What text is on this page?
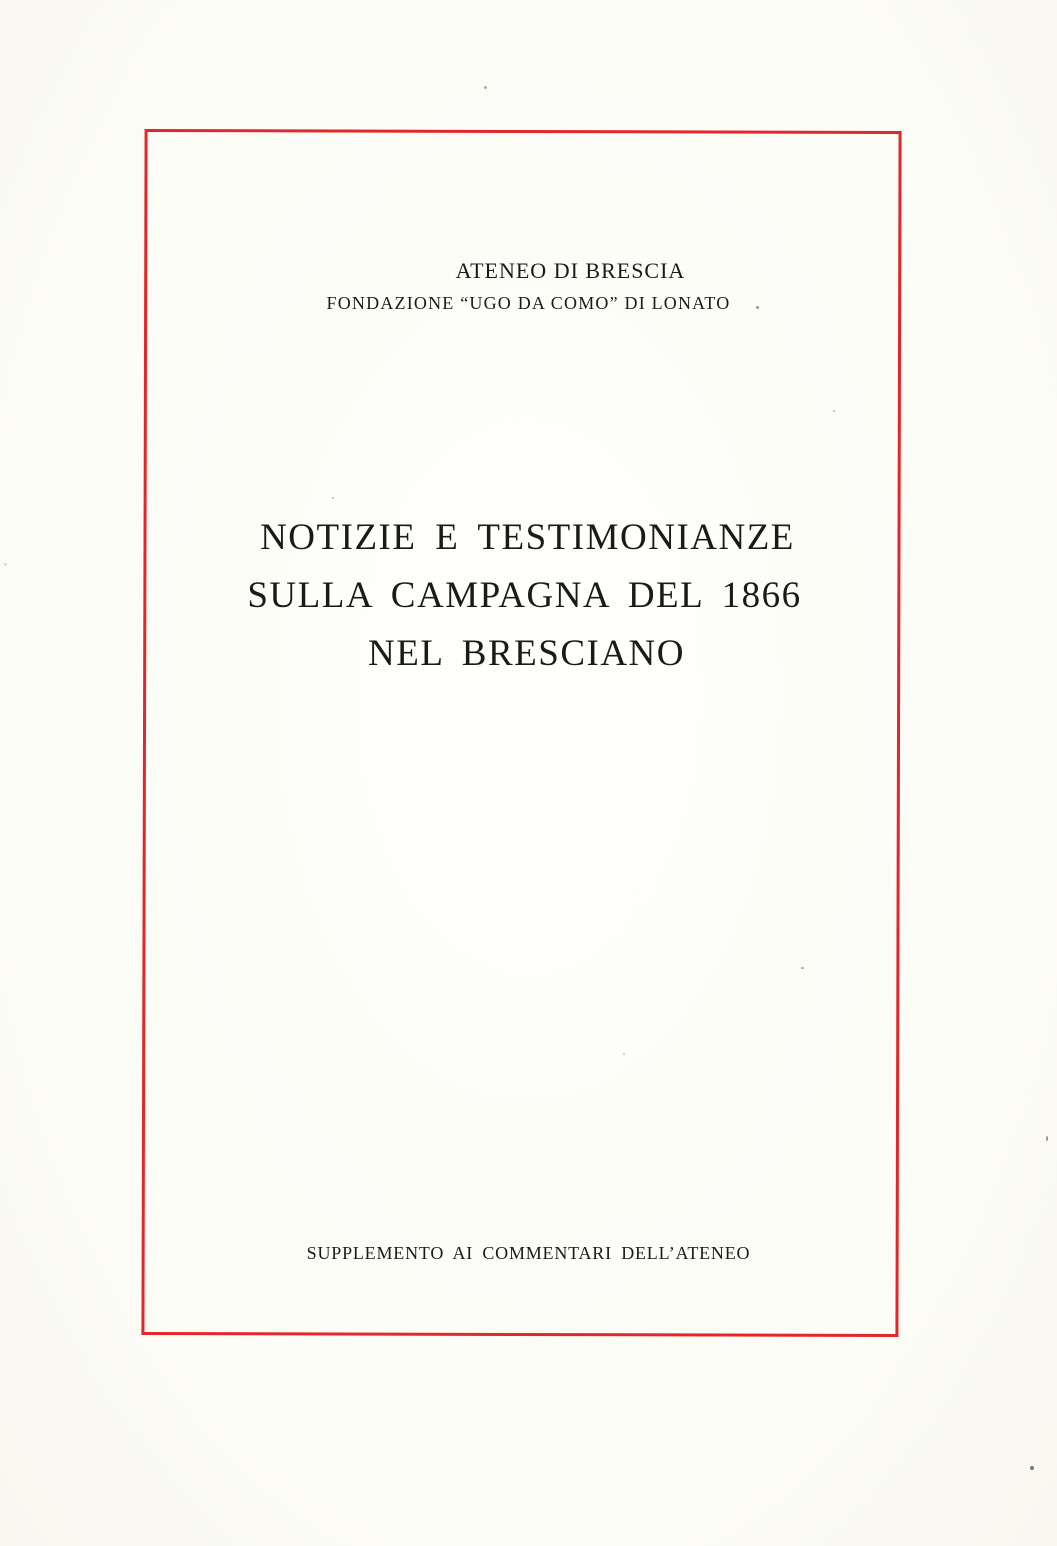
ATENEO DI BRESCIA
FONDAZIONE “UGO DA COMO” DI LONATO
NOTIZIE E TESTIMONIANZE
SULLA CAMPAGNA DEL 1866
NEL BRESCIANO
SUPPLEMENTO AI COMMENTARI DELL’ATENEO
